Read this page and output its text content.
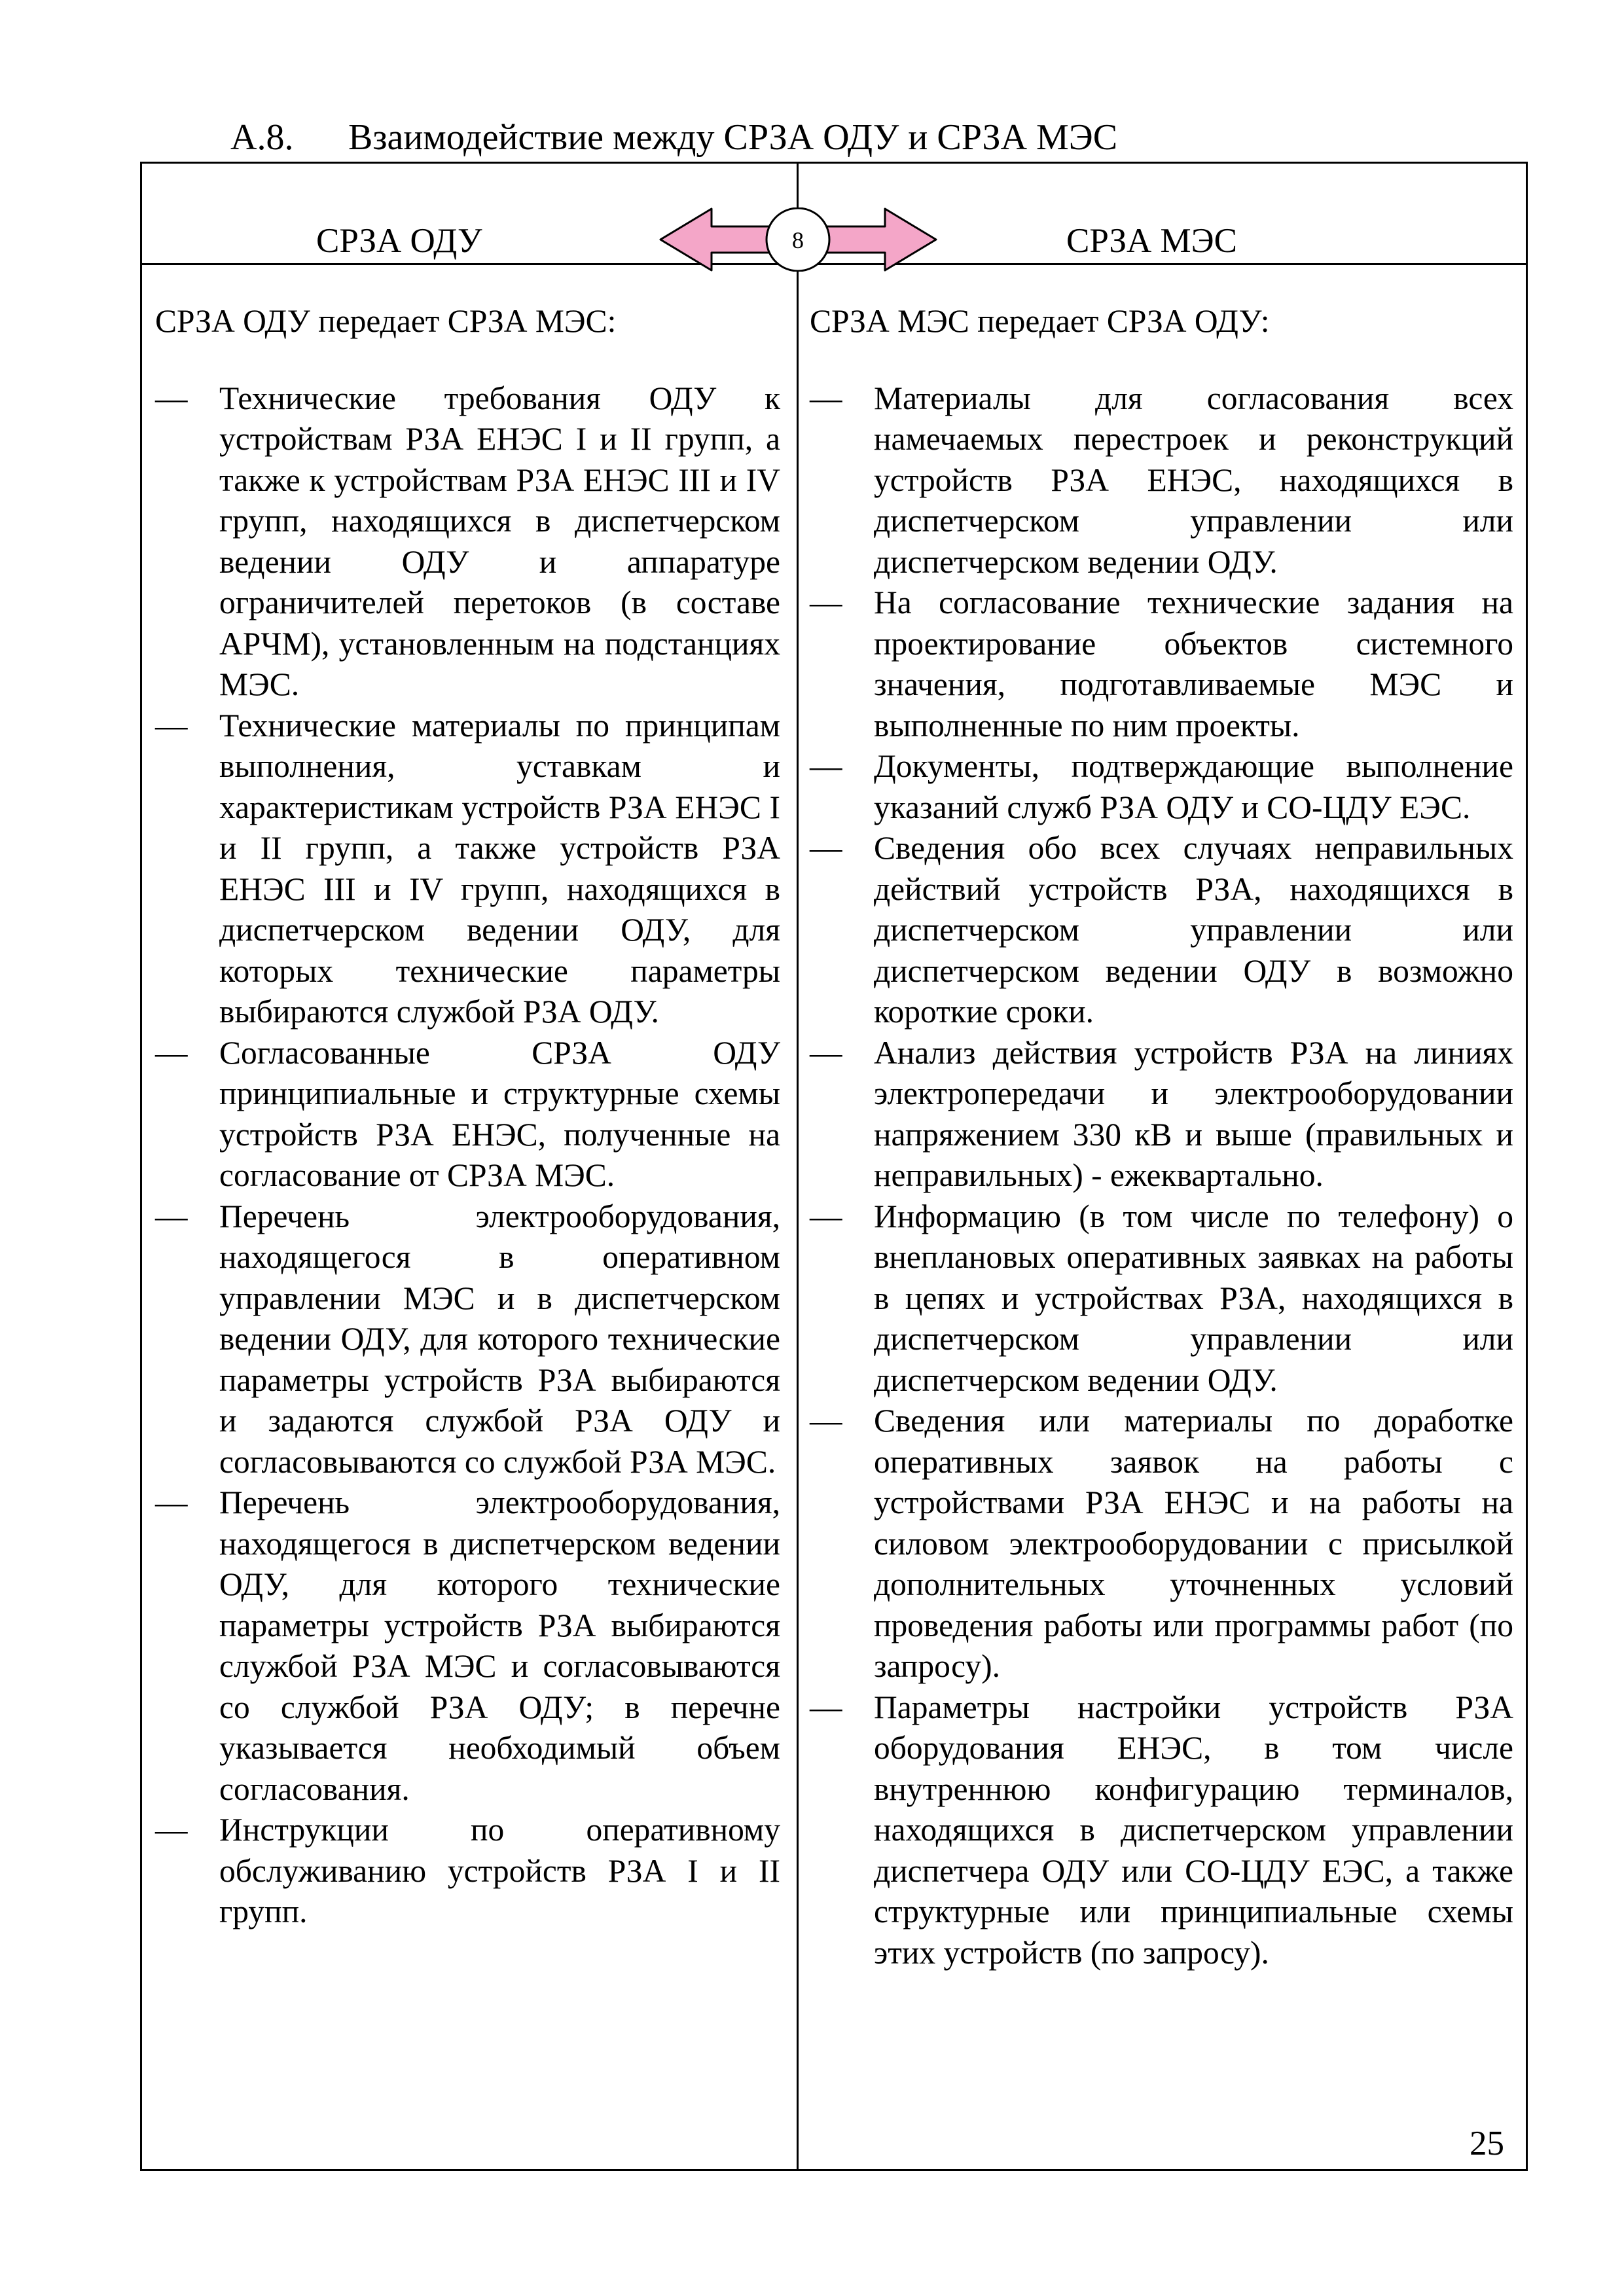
А.8. Взаимодействие между СРЗА ОДУ и СРЗА МЭС
СРЗА ОДУ	СРЗА МЭС
8
СРЗА ОДУ передает СРЗА МЭС:
— Технические требования ОДУ к устройствам РЗА ЕНЭС I и II групп, а также к устройствам РЗА ЕНЭС III и IV групп, находящихся в диспетчерском ведении ОДУ и аппаратуре ограничителей перетоков (в составе АРЧМ), установленным на подстанциях МЭС.
— Технические материалы по принципам выполнения, уставкам и характеристикам устройств РЗА ЕНЭС I и II групп, а также устройств РЗА ЕНЭС III и IV групп, находящихся в диспетчерском ведении ОДУ, для которых технические параметры выбираются службой РЗА ОДУ.
— Согласованные СРЗА ОДУ принципиальные и структурные схемы устройств РЗА ЕНЭС, полученные на согласование от СРЗА МЭС.
— Перечень электрооборудования, находящегося в оперативном управлении МЭС и в диспетчерском ведении ОДУ, для которого технические параметры устройств РЗА выбираются и задаются службой РЗА ОДУ и согласовываются со службой РЗА МЭС.
— Перечень электрооборудования, находящегося в диспетчерском ведении ОДУ, для которого технические параметры устройств РЗА выбираются службой РЗА МЭС и согласовываются со службой РЗА ОДУ; в перечне указывается необходимый объем согласования.
— Инструкции по оперативному обслуживанию устройств РЗА I и II групп.
СРЗА МЭС передает СРЗА ОДУ:
— Материалы для согласования всех намечаемых перестроек и реконструкций устройств РЗА ЕНЭС, находящихся в диспетчерском управлении или диспетчерском ведении ОДУ.
— На согласование технические задания на проектирование объектов системного значения, подготавливаемые МЭС и выполненные по ним проекты.
— Документы, подтверждающие выполнение указаний служб РЗА ОДУ и СО-ЦДУ ЕЭС.
— Сведения обо всех случаях неправильных действий устройств РЗА, находящихся в диспетчерском управлении или диспетчерском ведении ОДУ в возможно короткие сроки.
— Анализ действия устройств РЗА на линиях электропередачи и электрооборудовании напряжением 330 кВ и выше (правильных и неправильных) - ежеквартально.
— Информацию (в том числе по телефону) о внеплановых оперативных заявках на работы в цепях и устройствах РЗА, находящихся в диспетчерском управлении или диспетчерском ведении ОДУ.
— Сведения или материалы по доработке оперативных заявок на работы с устройствами РЗА ЕНЭС и на работы на силовом электрооборудовании с присылкой дополнительных уточненных условий проведения работы или программы работ (по запросу).
— Параметры настройки устройств РЗА оборудования ЕНЭС, в том числе внутреннюю конфигурацию терминалов, находящихся в диспетчерском управлении диспетчера ОДУ или СО-ЦДУ ЕЭС, а также структурные или принципиальные схемы этих устройств (по запросу).
25
